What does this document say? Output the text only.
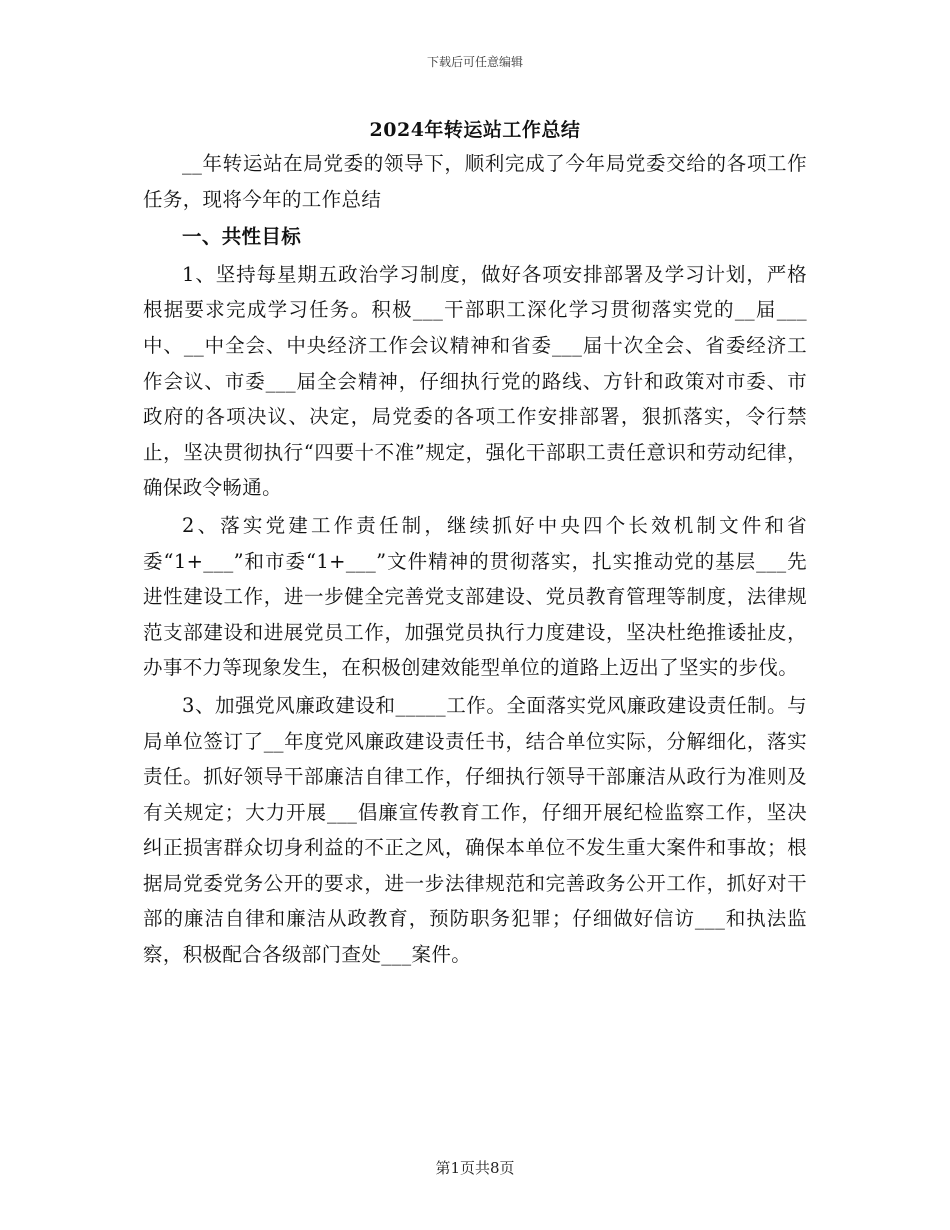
下载后可任意编辑
2024年转运站工作总结

__年转运站在局党委的领导下，顺利完成了今年局党委交给的各项工作任务，现将今年的工作总结

一、共性目标

1、坚持每星期五政治学习制度，做好各项安排部署及学习计划，严格根据要求完成学习任务。积极___干部职工深化学习贯彻落实党的__届___中、__中全会、中央经济工作会议精神和省委___届十次全会、省委经济工作会议、市委___届全会精神，仔细执行党的路线、方针和政策对市委、市政府的各项决议、决定，局党委的各项工作安排部署，狠抓落实，令行禁止，坚决贯彻执行“四要十不准”规定，强化干部职工责任意识和劳动纪律，确保政令畅通。

2、落实党建工作责任制，继续抓好中央四个长效机制文件和省委“1+___”和市委“1+___”文件精神的贯彻落实，扎实推动党的基层___先进性建设工作，进一步健全完善党支部建设、党员教育管理等制度，法律规范支部建设和进展党员工作，加强党员执行力度建设，坚决杜绝推诿扯皮，办事不力等现象发生，在积极创建效能型单位的道路上迈出了坚实的步伐。

3、加强党风廉政建设和_____工作。全面落实党风廉政建设责任制。与局单位签订了__年度党风廉政建设责任书，结合单位实际，分解细化，落实责任。抓好领导干部廉洁自律工作，仔细执行领导干部廉洁从政行为准则及有关规定；大力开展___倡廉宣传教育工作，仔细开展纪检监察工作，坚决纠正损害群众切身利益的不正之风，确保本单位不发生重大案件和事故；根据局党委党务公开的要求，进一步法律规范和完善政务公开工作，抓好对干部的廉洁自律和廉洁从政教育，预防职务犯罪；仔细做好信访___和执法监察，积极配合各级部门查处___案件。

第1页共8页
